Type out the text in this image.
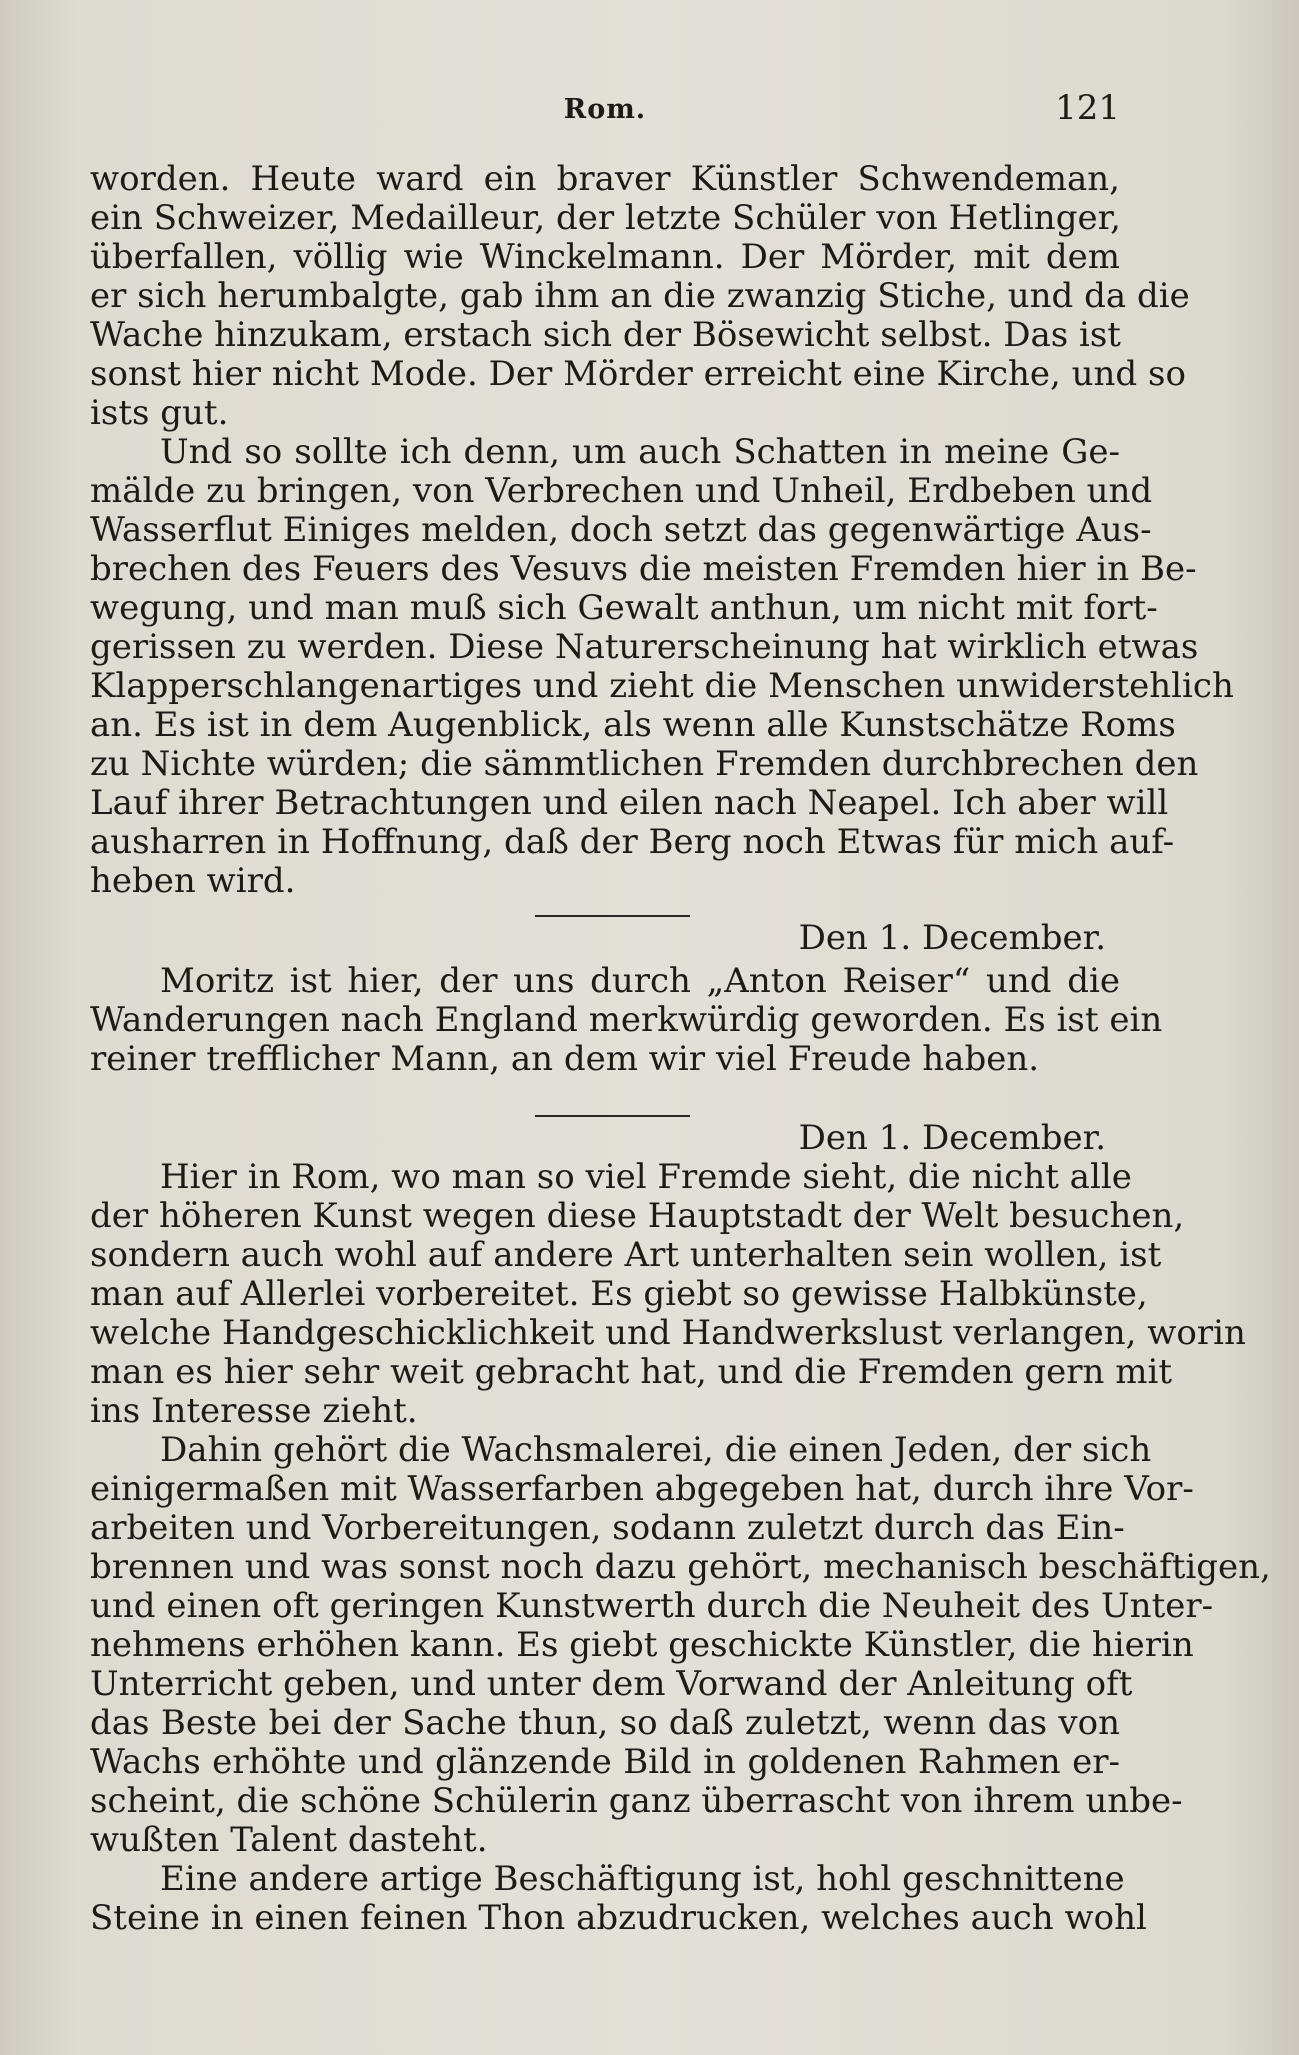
Rom.	121
worden. Heute ward ein braver Künstler Schwendeman,
ein Schweizer, Medailleur, der letzte Schüler von Hetlinger,
überfallen, völlig wie Winckelmann. Der Mörder, mit dem
er sich herumbalgte, gab ihm an die zwanzig Stiche, und da die
Wache hinzukam, erstach sich der Bösewicht selbst. Das ist
sonst hier nicht Mode. Der Mörder erreicht eine Kirche, und so
ists gut.
Und so sollte ich denn, um auch Schatten in meine Ge-
mälde zu bringen, von Verbrechen und Unheil, Erdbeben und
Wasserflut Einiges melden, doch setzt das gegenwärtige Aus-
brechen des Feuers des Vesuvs die meisten Fremden hier in Be-
wegung, und man muß sich Gewalt anthun, um nicht mit fort-
gerissen zu werden. Diese Naturerscheinung hat wirklich etwas
Klapperschlangenartiges und zieht die Menschen unwiderstehlich
an. Es ist in dem Augenblick, als wenn alle Kunstschätze Roms
zu Nichte würden; die sämmtlichen Fremden durchbrechen den
Lauf ihrer Betrachtungen und eilen nach Neapel. Ich aber will
ausharren in Hoffnung, daß der Berg noch Etwas für mich auf-
heben wird.
Den 1. December.
Moritz ist hier, der uns durch „Anton Reiser“ und die
Wanderungen nach England merkwürdig geworden. Es ist ein
reiner trefflicher Mann, an dem wir viel Freude haben.
Den 1. December.
Hier in Rom, wo man so viel Fremde sieht, die nicht alle
der höheren Kunst wegen diese Hauptstadt der Welt besuchen,
sondern auch wohl auf andere Art unterhalten sein wollen, ist
man auf Allerlei vorbereitet. Es giebt so gewisse Halbkünste,
welche Handgeschicklichkeit und Handwerkslust verlangen, worin
man es hier sehr weit gebracht hat, und die Fremden gern mit
ins Interesse zieht.
Dahin gehört die Wachsmalerei, die einen Jeden, der sich
einigermaßen mit Wasserfarben abgegeben hat, durch ihre Vor-
arbeiten und Vorbereitungen, sodann zuletzt durch das Ein-
brennen und was sonst noch dazu gehört, mechanisch beschäftigen,
und einen oft geringen Kunstwerth durch die Neuheit des Unter-
nehmens erhöhen kann. Es giebt geschickte Künstler, die hierin
Unterricht geben, und unter dem Vorwand der Anleitung oft
das Beste bei der Sache thun, so daß zuletzt, wenn das von
Wachs erhöhte und glänzende Bild in goldenen Rahmen er-
scheint, die schöne Schülerin ganz überrascht von ihrem unbe-
wußten Talent dasteht.
Eine andere artige Beschäftigung ist, hohl geschnittene
Steine in einen feinen Thon abzudrucken, welches auch wohl
